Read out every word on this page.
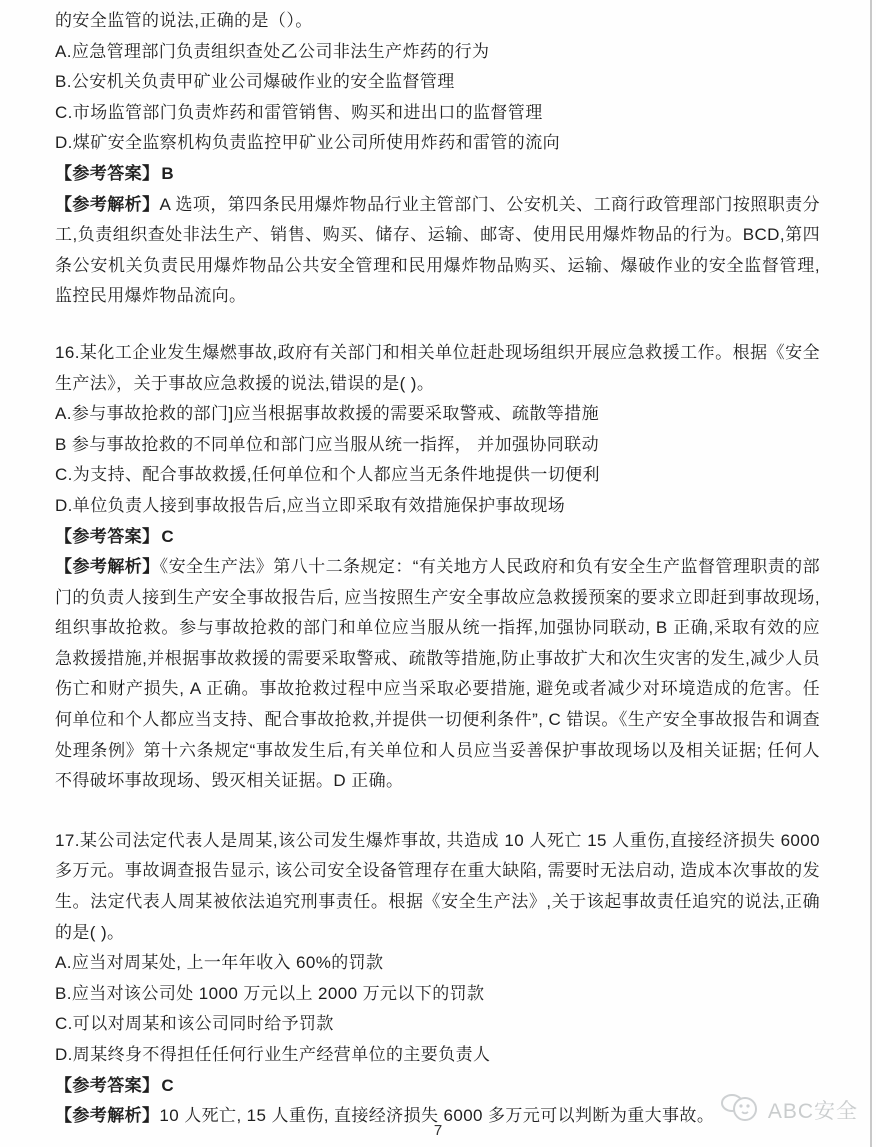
的安全监管的说法,正确的是（）。

A.应急管理部门负责组织查处乙公司非法生产炸药的行为

B.公安机关负责甲矿业公司爆破作业的安全监督管理

C.市场监管部门负责炸药和雷管销售、购买和进出口的监督管理

D.煤矿安全监察机构负责监控甲矿业公司所使用炸药和雷管的流向

【参考答案】 B

【参考解析】A 选项，第四条民用爆炸物品行业主管部门、公安机关、工商行政管理部门按照职责分工,负责组织查处非法生产、销售、购买、储存、运输、邮寄、使用民用爆炸物品的行为。BCD,第四条公安机关负责民用爆炸物品公共安全管理和民用爆炸物品购买、运输、爆破作业的安全监督管理,监控民用爆炸物品流向。

16.某化工企业发生爆燃事故,政府有关部门和相关单位赶赴现场组织开展应急救援工作。根据《安全生产法》，关于事故应急救援的说法,错误的是( )。

A.参与事故抢救的部门]应当根据事故救援的需要采取警戒、疏散等措施

B 参与事故抢救的不同单位和部门应当服从统一指挥， 并加强协同联动

C.为支持、配合事故救援,任何单位和个人都应当无条件地提供一切便利

D.单位负责人接到事故报告后,应当立即采取有效措施保护事故现场

【参考答案】 C

【参考解析】《安全生产法》第八十二条规定：“有关地方人民政府和负有安全生产监督管理职责的部门的负责人接到生产安全事故报告后, 应当按照生产安全事故应急救援预案的要求立即赶到事故现场, 组织事故抢救。参与事故抢救的部门和单位应当服从统一指挥,加强协同联动, B 正确,采取有效的应急救援措施,并根据事故救援的需要采取警戒、疏散等措施,防止事故扩大和次生灾害的发生,减少人员伤亡和财产损失, A 正确。事故抢救过程中应当采取必要措施, 避免或者减少对环境造成的危害。任何单位和个人都应当支持、配合事故抢救,并提供一切便利条件”, C 错误。《生产安全事故报告和调查处理条例》第十六条规定“事故发生后,有关单位和人员应当妥善保护事故现场以及相关证据; 任何人不得破坏事故现场、毁灭相关证据。D 正确。

17.某公司法定代表人是周某,该公司发生爆炸事故, 共造成 10 人死亡 15 人重伤,直接经济损失 6000 多万元。事故调查报告显示, 该公司安全设备管理存在重大缺陷, 需要时无法启动, 造成本次事故的发生。法定代表人周某被依法追究刑事责任。根据《安全生产法》,关于该起事故责任追究的说法,正确的是( )。

A.应当对周某处, 上一年年收入 60%的罚款

B.应当对该公司处 1000 万元以上 2000 万元以下的罚款

C.可以对周某和该公司同时给予罚款

D.周某终身不得担任任何行业生产经营单位的主要负责人

【参考答案】 C

【参考解析】10 人死亡, 15 人重伤, 直接经济损失 6000 多万元可以判断为重大事故。	ABC安全
7
